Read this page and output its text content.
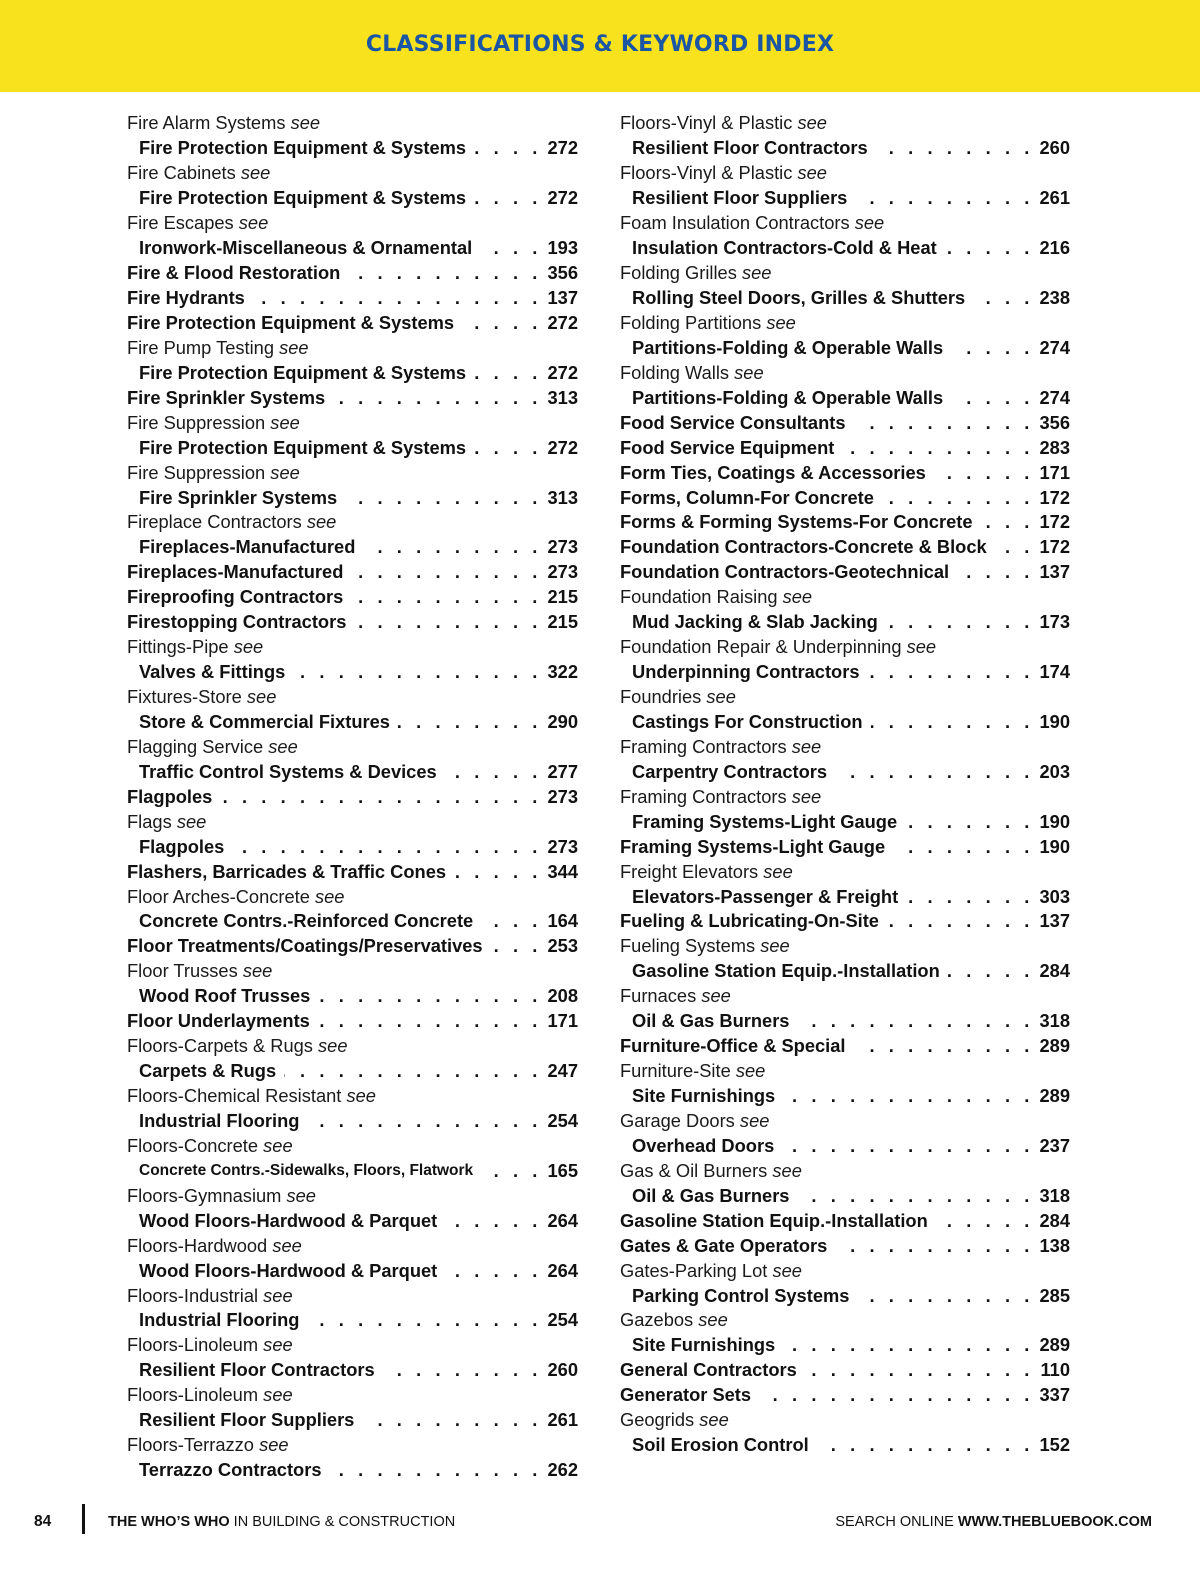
CLASSIFICATIONS & KEYWORD INDEX
Fire Alarm Systems
see
Fire Protection Equipment & Systems . . .	272
Fire Cabinets
see
Fire Protection Equipment & Systems . . .	272
Fire Escapes
see
Ironwork-Miscellaneous & Ornamental . . .	193
Fire & Flood Restoration . . .	356
Fire Hydrants . . .	137
Fire Protection Equipment & Systems . . .	272
Fire Pump Testing
see
Fire Protection Equipment & Systems . . .	272
Fire Sprinkler Systems . . .	313
Fire Suppression
see
Fire Protection Equipment & Systems . . .	272
Fire Suppression
see
Fire Sprinkler Systems . . .	313
Fireplace Contractors
see
Fireplaces-Manufactured . . .	273
Fireplaces-Manufactured . . .	273
Fireproofing Contractors . . .	215
Firestopping Contractors . . .	215
Fittings-Pipe
see
Valves & Fittings . . .	322
Fixtures-Store
see
Store & Commercial Fixtures . . .	290
Flagging Service
see
Traffic Control Systems & Devices . . .	277
Flagpoles . . .	273
Flags
see
Flagpoles . . .	273
Flashers, Barricades & Traffic Cones . . .	344
Floor Arches-Concrete
see
Concrete Contrs.-Reinforced Concrete . . .	164
Floor Treatments/Coatings/Preservatives . . .	253
Floor Trusses
see
Wood Roof Trusses . . .	208
Floor Underlayments . . .	171
Floors-Carpets & Rugs
see
Carpets & Rugs . . .	247
Floors-Chemical Resistant
see
Industrial Flooring . . .	254
Floors-Concrete
see
Concrete Contrs.-Sidewalks, Floors, Flatwork . . .	165
Floors-Gymnasium
see
Wood Floors-Hardwood & Parquet . . .	264
Floors-Hardwood
see
Wood Floors-Hardwood & Parquet . . .	264
Floors-Industrial
see
Industrial Flooring . . .	254
Floors-Linoleum
see
Resilient Floor Contractors . . .	260
Floors-Linoleum
see
Resilient Floor Suppliers . . .	261
Floors-Terrazzo
see
Terrazzo Contractors . . .	262
Floors-Vinyl & Plastic
see
Resilient Floor Contractors . . .	260
Floors-Vinyl & Plastic
see
Resilient Floor Suppliers . . .	261
Foam Insulation Contractors
see
Insulation Contractors-Cold & Heat . . .	216
Folding Grilles
see
Rolling Steel Doors, Grilles & Shutters . . .	238
Folding Partitions
see
Partitions-Folding & Operable Walls . . .	274
Folding Walls
see
Partitions-Folding & Operable Walls . . .	274
Food Service Consultants . . .	356
Food Service Equipment . . .	283
Form Ties, Coatings & Accessories . . .	171
Forms, Column-For Concrete . . .	172
Forms & Forming Systems-For Concrete . . .	172
Foundation Contractors-Concrete & Block . . .	172
Foundation Contractors-Geotechnical . . .	137
Foundation Raising
see
Mud Jacking & Slab Jacking . . .	173
Foundation Repair & Underpinning
see
Underpinning Contractors . . .	174
Foundries
see
Castings For Construction . . .	190
Framing Contractors
see
Carpentry Contractors . . .	203
Framing Contractors
see
Framing Systems-Light Gauge . . .	190
Framing Systems-Light Gauge . . .	190
Freight Elevators
see
Elevators-Passenger & Freight . . .	303
Fueling & Lubricating-On-Site . . .	137
Fueling Systems
see
Gasoline Station Equip.-Installation . . .	284
Furnaces
see
Oil & Gas Burners . . .	318
Furniture-Office & Special . . .	289
Furniture-Site
see
Site Furnishings . . .	289
Garage Doors
see
Overhead Doors . . .	237
Gas & Oil Burners
see
Oil & Gas Burners . . .	318
Gasoline Station Equip.-Installation . . .	284
Gates & Gate Operators . . .	138
Gates-Parking Lot
see
Parking Control Systems . . .	285
Gazebos
see
Site Furnishings . . .	289
General Contractors . . .	110
Generator Sets . . .	337
Geogrids
see
Soil Erosion Control . . .	152
84	THE WHO’S WHO IN BUILDING & CONSTRUCTION	SEARCH ONLINE WWW.THEBLUEBOOK.COM
